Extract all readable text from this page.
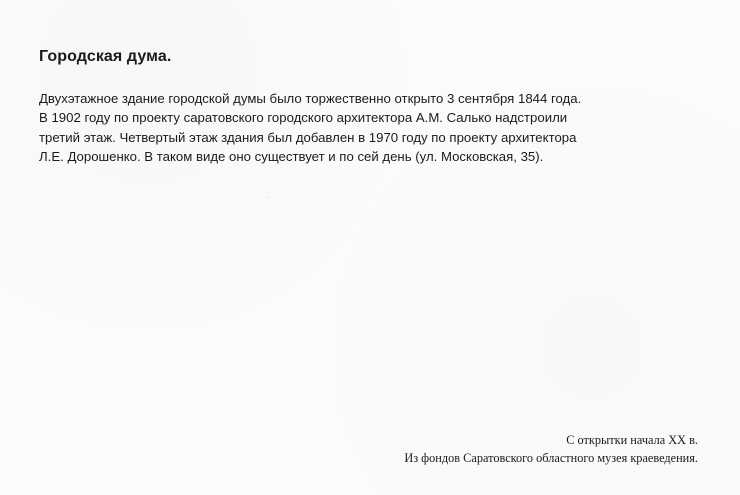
Городская дума.
Двухэтажное здание городской думы было торжественно открыто 3 сентября 1844 года.
В 1902 году по проекту саратовского городского архитектора А.М. Салько надстроили
третий этаж. Четвертый этаж здания был добавлен в 1970 году по проекту архитектора
Л.Е. Дорошенко. В таком виде оно существует и по сей день (ул. Московская, 35).
С открытки начала XX в.
Из фондов Саратовского областного музея краеведения.
